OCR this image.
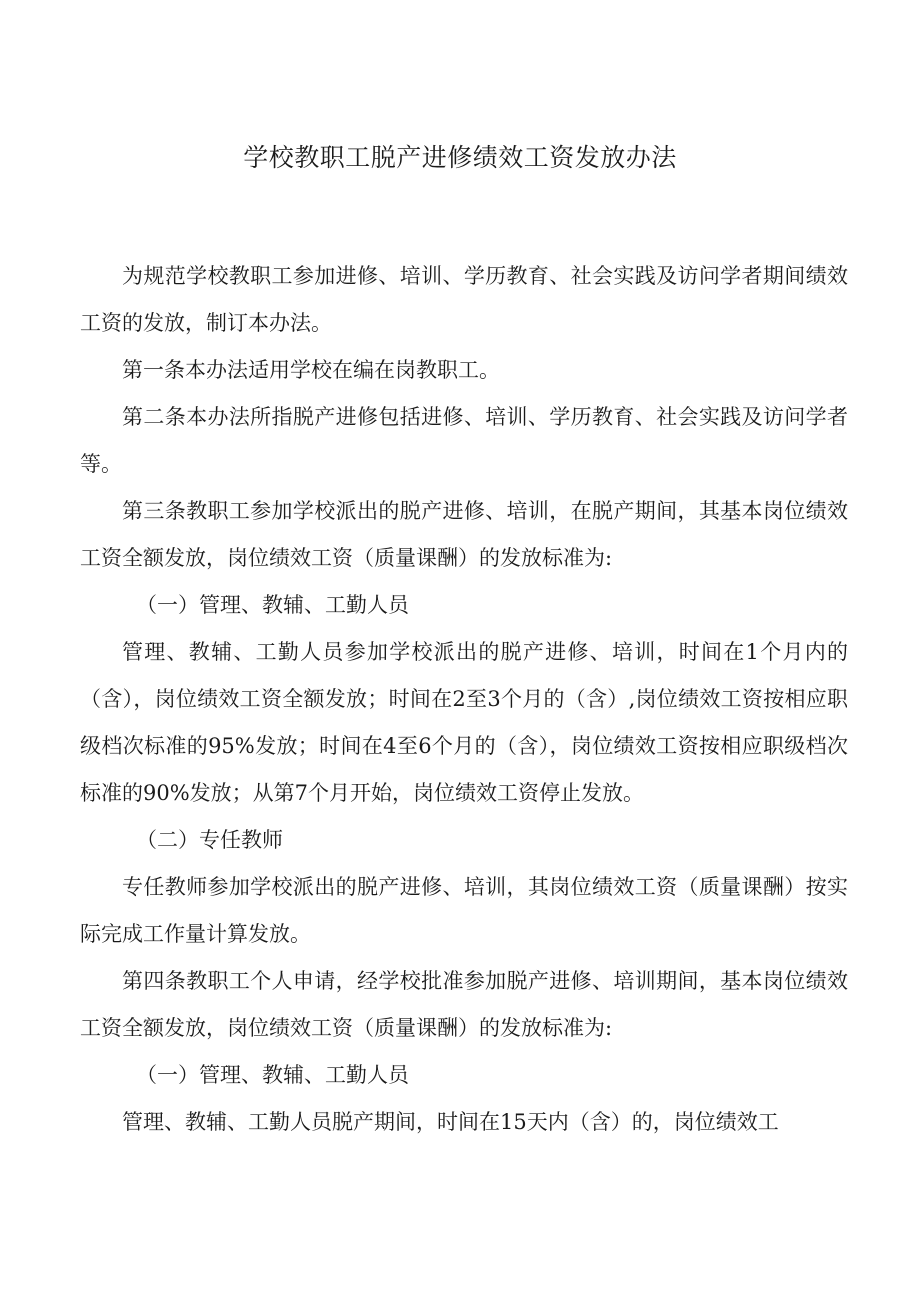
学校教职工脱产进修绩效工资发放办法

为规范学校教职工参加进修、培训、学历教育、社会实践及访问学者期间绩效工资的发放，制订本办法。

第一条本办法适用学校在编在岗教职工。

第二条本办法所指脱产进修包括进修、培训、学历教育、社会实践及访问学者等。

第三条教职工参加学校派出的脱产进修、培训，在脱产期间，其基本岗位绩效工资全额发放，岗位绩效工资（质量课酬）的发放标准为:

（一）管理、教辅、工勤人员

管理、教辅、工勤人员参加学校派出的脱产进修、培训，时间在1个月内的（含），岗位绩效工资全额发放；时间在2至3个月的（含）,岗位绩效工资按相应职级档次标准的95%发放；时间在4至6个月的（含），岗位绩效工资按相应职级档次标准的90%发放；从第7个月开始，岗位绩效工资停止发放。

（二）专任教师

专任教师参加学校派出的脱产进修、培训，其岗位绩效工资（质量课酬）按实际完成工作量计算发放。

第四条教职工个人申请，经学校批准参加脱产进修、培训期间，基本岗位绩效工资全额发放，岗位绩效工资（质量课酬）的发放标准为:

（一）管理、教辅、工勤人员

管理、教辅、工勤人员脱产期间，时间在15天内（含）的，岗位绩效工
